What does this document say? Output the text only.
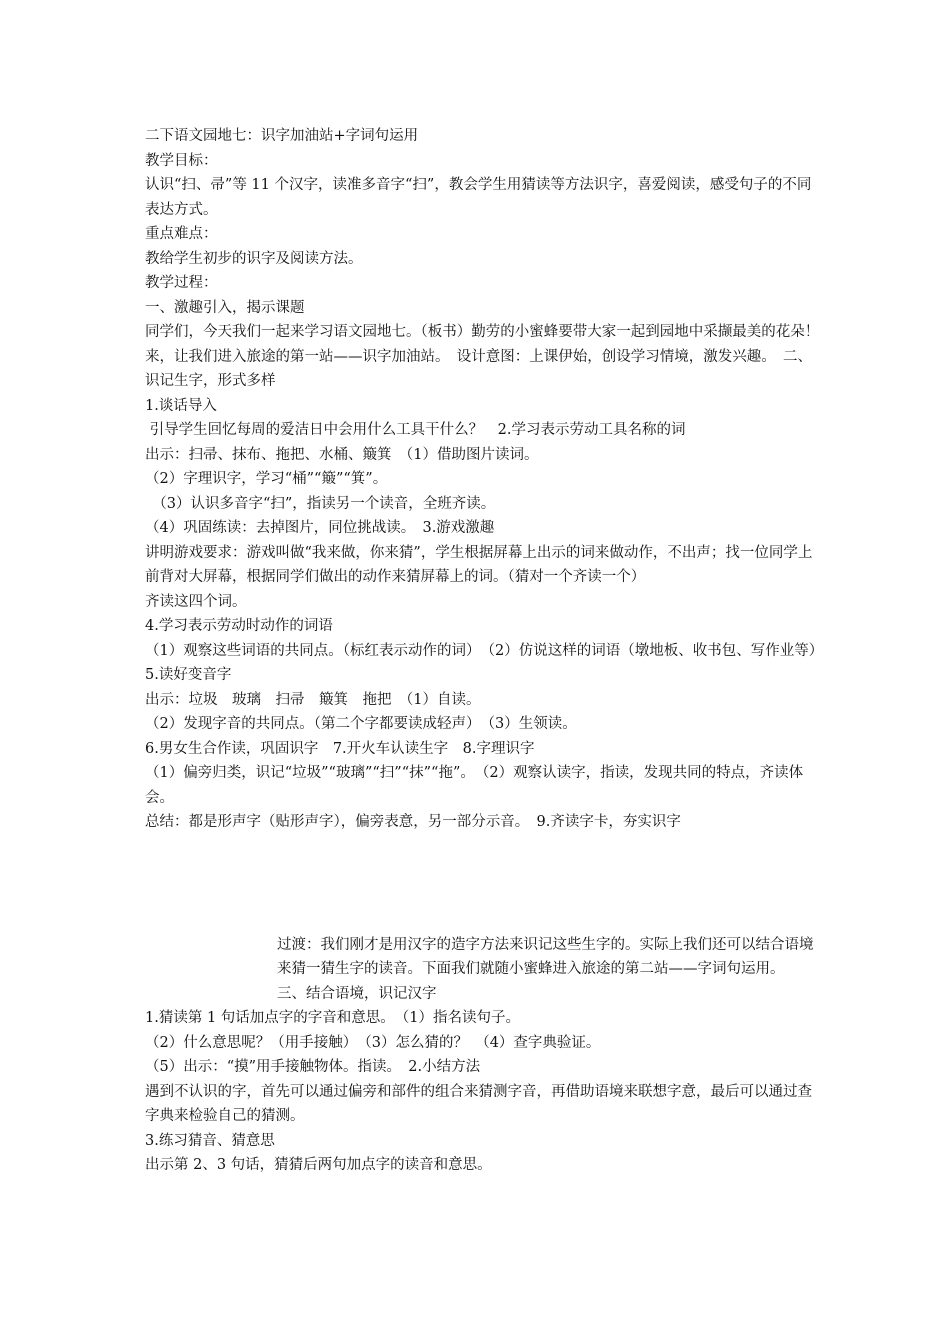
二下语文园地七：识字加油站+字词句运用

教学目标：

认识“扫、帚”等 11 个汉字，读准多音字“扫”，教会学生用猜读等方法识字，喜爱阅读，感受句子的不同表达方式。

重点难点：

教给学生初步的识字及阅读方法。

教学过程：

一、激趣引入，揭示课题

同学们，今天我们一起来学习语文园地七。（板书）勤劳的小蜜蜂要带大家一起到园地中采撷最美的花朵！来，让我们进入旅途的第一站——识字加油站。　设计意图：上课伊始，创设学习情境，激发兴趣。　二、识记生字，形式多样

1.谈话导入

引导学生回忆每周的爱洁日中会用什么工具干什么？　2.学习表示劳动工具名称的词

出示：扫帚、抹布、拖把、水桶、簸箕　（1）借助图片读词。

（2）字理识字，学习“桶”“簸”“箕”。

　（3）认识多音字“扫”，指读另一个读音，全班齐读。

（4）巩固练读：去掉图片，同位挑战读。　3.游戏激趣

讲明游戏要求：游戏叫做“我来做，你来猜”，学生根据屏幕上出示的词来做动作，不出声；找一位同学上前背对大屏幕，根据同学们做出的动作来猜屏幕上的词。（猜对一个齐读一个）

齐读这四个词。

4.学习表示劳动时动作的词语

（1）观察这些词语的共同点。（标红表示动作的词）　（2）仿说这样的词语（墩地板、收书包、写作业等）　5.读好变音字

出示：垃圾　玻璃　扫帚　簸箕　拖把　（1）自读。

（2）发现字音的共同点。（第二个字都要读成轻声）　（3）生领读。

6.男女生合作读，巩固识字　7.开火车认读生字　8.字理识字

（1）偏旁归类，识记“垃圾”“玻璃”“扫”“抹”“拖”。　（2）观察认读字，指读，发现共同的特点，齐读体会。

总结：都是形声字（贴形声字），偏旁表意，另一部分示音。　9.齐读字卡，夯实识字

过渡：我们刚才是用汉字的造字方法来识记这些生字的。实际上我们还可以结合语境来猜一猜生字的读音。下面我们就随小蜜蜂进入旅途的第二站——字词句运用。　三、结合语境，识记汉字

1.猜读第 1 句话加点字的字音和意思。　（1）指名读句子。

（2）什么意思呢？（用手接触）　（3）怎么猜的？　（4）查字典验证。

（5）出示：“摸”用手接触物体。指读。　2.小结方法

遇到不认识的字，首先可以通过偏旁和部件的组合来猜测字音，再借助语境来联想字意，最后可以通过查字典来检验自己的猜测。

3.练习猜音、猜意思

出示第 2、3 句话，猜猜后两句加点字的读音和意思。
